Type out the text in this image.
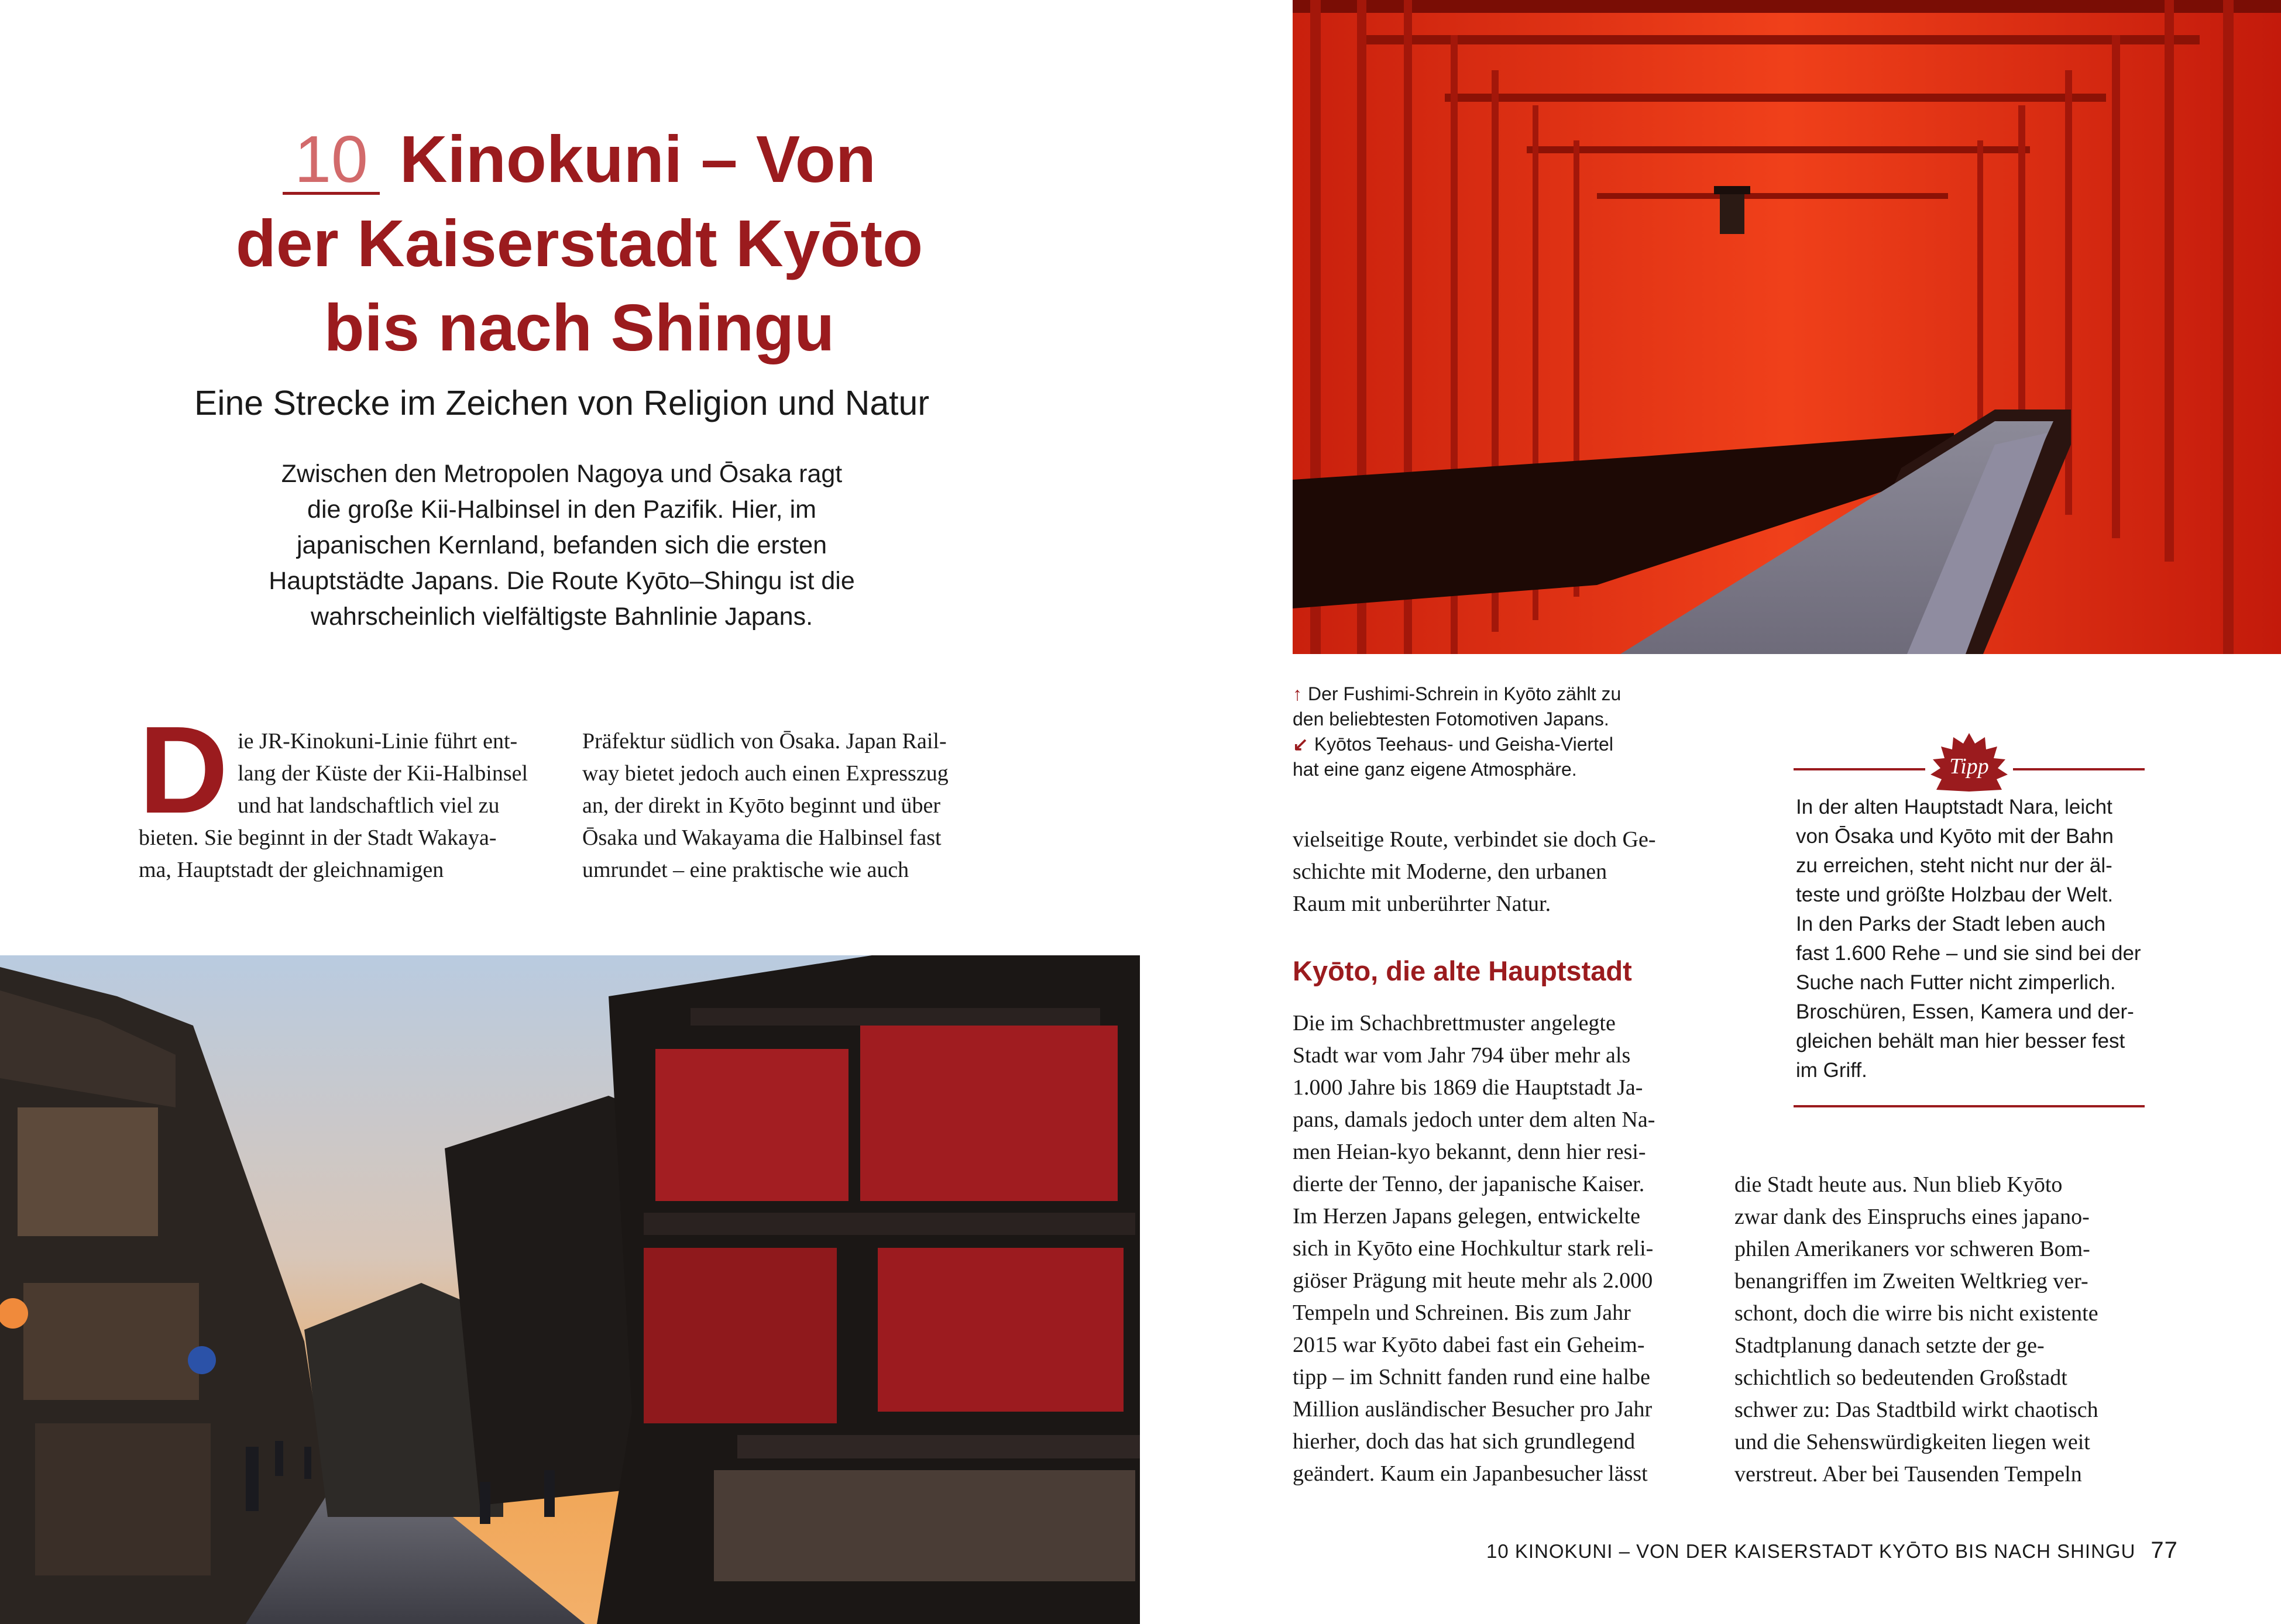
10 Kinokuni – Von
der Kaiserstadt Kyōto
bis nach Shingu
Eine Strecke im Zeichen von Religion und Natur
Zwischen den Metropolen Nagoya und Ōsaka ragt
die große Kii-Halbinsel in den Pazifik. Hier, im
japanischen Kernland, befanden sich die ersten
Hauptstädte Japans. Die Route Kyōto–Shingu ist die
wahrscheinlich vielfältigste Bahnlinie Japans.
D ie JR-Kinokuni-Linie führt ent-

lang der Küste der Kii-Halbinsel

und hat landschaftlich viel zu

bieten. Sie beginnt in der Stadt Wakaya-

ma, Hauptstadt der gleichnamigen

Präfektur südlich von Ōsaka. Japan Rail-

way bietet jedoch auch einen Expresszug

an, der direkt in Kyōto beginnt und über

Ōsaka und Wakayama die Halbinsel fast

umrundet – eine praktische wie auch

↑ Der Fushimi-Schrein in Kyōto zählt zu
den beliebtesten Fotomotiven Japans.
↙ Kyōtos Teehaus- und Geisha-Viertel
hat eine ganz eigene Atmosphäre.

vielseitige Route, verbindet sie doch Ge-

schichte mit Moderne, den urbanen

Raum mit unberührter Natur.

Kyōto, die alte Hauptstadt

Die im Schachbrettmuster angelegte

Stadt war vom Jahr 794 über mehr als

1.000 Jahre bis 1869 die Hauptstadt Ja-

pans, damals jedoch unter dem alten Na-

men Heian-kyo bekannt, denn hier resi-

dierte der Tenno, der japanische Kaiser.

Im Herzen Japans gelegen, entwickelte

sich in Kyōto eine Hochkultur stark reli-

giöser Prägung mit heute mehr als 2.000

Tempeln und Schreinen. Bis zum Jahr

2015 war Kyōto dabei fast ein Geheim-

tipp – im Schnitt fanden rund eine halbe

Million ausländischer Besucher pro Jahr

hierher, doch das hat sich grundlegend

geändert. Kaum ein Japanbesucher lässt

Tipp
In der alten Hauptstadt Nara, leicht
von Ōsaka und Kyōto mit der Bahn
zu erreichen, steht nicht nur der äl-
teste und größte Holzbau der Welt.
In den Parks der Stadt leben auch
fast 1.600 Rehe – und sie sind bei der
Suche nach Futter nicht zimperlich.
Broschüren, Essen, Kamera und der-
gleichen behält man hier besser fest
im Griff.

die Stadt heute aus. Nun blieb Kyōto

zwar dank des Einspruchs eines japano-

philen Amerikaners vor schweren Bom-

benangriffen im Zweiten Weltkrieg ver-

schont, doch die wirre bis nicht existente

Stadtplanung danach setzte der ge-

schichtlich so bedeutenden Großstadt

schwer zu: Das Stadtbild wirkt chaotisch

und die Sehenswürdigkeiten liegen weit

verstreut. Aber bei Tausenden Tempeln

10 KINOKUNI – VON DER KAISERSTADT KYŌTO BIS NACH SHINGU 77
